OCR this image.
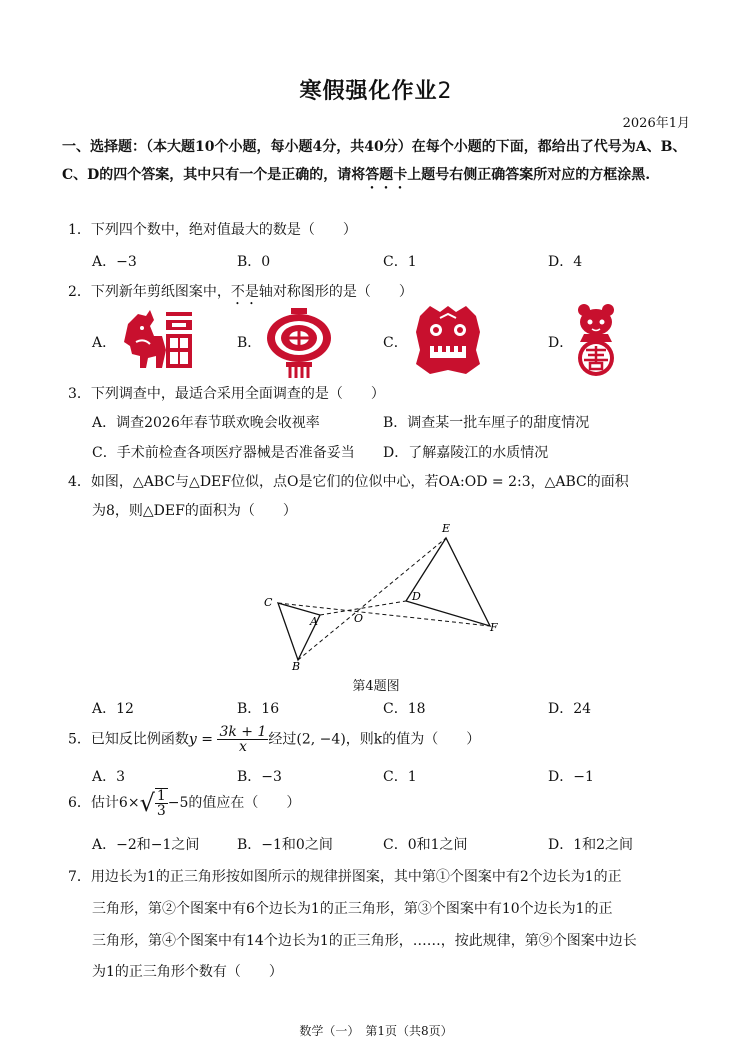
寒假强化作业2
2026年1月
一、选择题：（本大题10个小题，每小题4分，共40分）在每个小题的下面，都给出了代号为A、B、C、D的四个答案，其中只有一个是正确的，请将答题卡上题号右侧正确答案所对应的方框涂黑.
1．下列四个数中，绝对值最大的数是（　　）
A．−3	B．0	C．1	D．4
2．下列新年剪纸图案中，不是轴对称图形的是（　　）
A．	B．	C．	D．
3．下列调查中，最适合采用全面调查的是（　　）
A．调查2026年春节联欢晚会收视率	B．调查某一批车厘子的甜度情况
C．手术前检查各项医疗器械是否准备妥当 D．了解嘉陵江的水质情况
4．如图，△ABC与△DEF位似，点O是它们的位似中心，若OA:OD = 2:3，△ABC的面积
为8，则△DEF的面积为（　　）
C
A
B
O
E
D
F
第4题图
A．12	B．16	C．18	D．24
5．已知反比例函数$y = \frac{3k + 1}{x}$ 经过(2, −4)，则k的值为（　　）
A．3	B．−3	C．1	D．−1
6．估计$6\times√ \frac{1}{3} -5$的值应在（　　）
A．−2和−1之间	B．−1和0之间	C．0和1之间	D．1和2之间
7．用边长为1的正三角形按如图所示的规律拼图案，其中第①个图案中有2个边长为1的正
三角形，第②个图案中有6个边长为1的正三角形，第③个图案中有10个边长为1的正
三角形，第④个图案中有14个边长为1的正三角形，……，按此规律，第⑨个图案中边长
为1的正三角形个数有（　　）
数学（一）　第1页（共8页）
